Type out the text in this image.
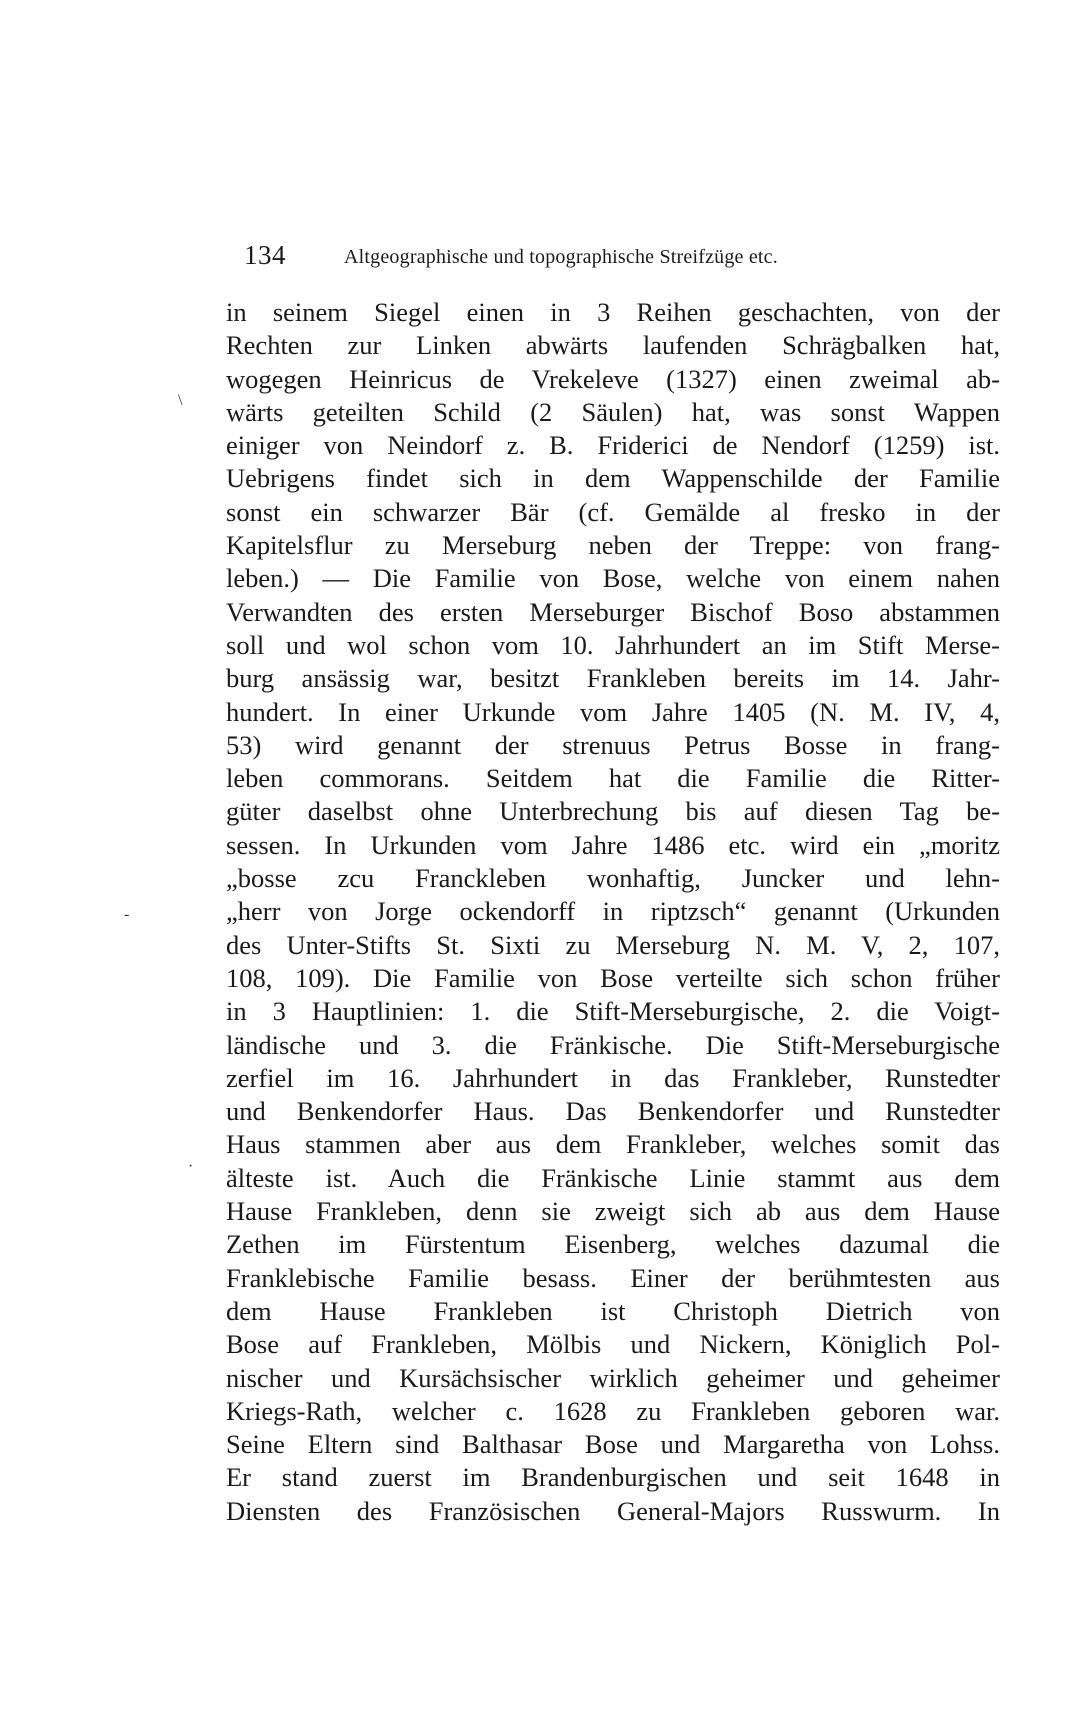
134	Altgeographische und topographische Streifzüge etc.
\
-
·
in seinem Siegel einen in 3 Reihen geschachten, von der
Rechten zur Linken abwärts laufenden Schrägbalken hat,
wogegen Heinricus de Vrekeleve (1327) einen zweimal ab-
wärts geteilten Schild (2 Säulen) hat, was sonst Wappen
einiger von Neindorf z. B. Friderici de Nendorf (1259) ist.
Uebrigens findet sich in dem Wappenschilde der Familie
sonst ein schwarzer Bär (cf. Gemälde al fresko in der
Kapitelsflur zu Merseburg neben der Treppe: von frang-
leben.) — Die Familie von Bose, welche von einem nahen
Verwandten des ersten Merseburger Bischof Boso abstammen
soll und wol schon vom 10. Jahrhundert an im Stift Merse-
burg ansässig war, besitzt Frankleben bereits im 14. Jahr-
hundert. In einer Urkunde vom Jahre 1405 (N. M. IV, 4,
53) wird genannt der strenuus Petrus Bosse in frang-
leben commorans. Seitdem hat die Familie die Ritter-
güter daselbst ohne Unterbrechung bis auf diesen Tag be-
sessen. In Urkunden vom Jahre 1486 etc. wird ein „moritz
„bosse zcu Franckleben wonhaftig, Juncker und lehn-
„herr von Jorge ockendorff in riptzsch“ genannt (Urkunden
des Unter-Stifts St. Sixti zu Merseburg N. M. V, 2, 107,
108, 109). Die Familie von Bose verteilte sich schon früher
in 3 Hauptlinien: 1. die Stift-Merseburgische, 2. die Voigt-
ländische und 3. die Fränkische. Die Stift-Merseburgische
zerfiel im 16. Jahrhundert in das Frankleber, Runstedter
und Benkendorfer Haus. Das Benkendorfer und Runstedter
Haus stammen aber aus dem Frankleber, welches somit das
älteste ist. Auch die Fränkische Linie stammt aus dem
Hause Frankleben, denn sie zweigt sich ab aus dem Hause
Zethen im Fürstentum Eisenberg, welches dazumal die
Franklebische Familie besass. Einer der berühmtesten aus
dem Hause Frankleben ist Christoph Dietrich von
Bose auf Frankleben, Mölbis und Nickern, Königlich Pol-
nischer und Kursächsischer wirklich geheimer und geheimer
Kriegs-Rath, welcher c. 1628 zu Frankleben geboren war.
Seine Eltern sind Balthasar Bose und Margaretha von Lohss.
Er stand zuerst im Brandenburgischen und seit 1648 in
Diensten des Französischen General-Majors Russwurm. In
